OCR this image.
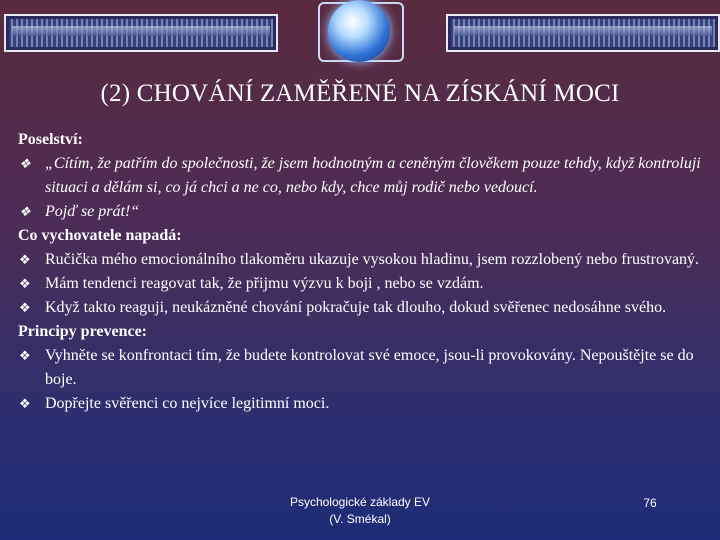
(2) CHOVÁNÍ ZAMĚŘENÉ NA ZÍSKÁNÍ MOCI
Poselství:
❖ „Cítím, že patřím do společnosti, že jsem hodnotným a ceněným člověkem pouze tehdy, když kontroluji situaci a dělám si, co já chci a ne co, nebo kdy, chce můj rodič nebo vedoucí.
❖ Pojď se prát!“
Co vychovatele napadá:
❖ Ručička mého emocionálního tlakoměru ukazuje vysokou hladinu, jsem rozzlobený nebo frustrovaný.
❖ Mám tendenci reagovat tak, že přijmu výzvu k boji , nebo se vzdám.
❖ Když takto reaguji, neukázněné chování pokračuje tak dlouho, dokud svěřenec nedosáhne svého.
Principy prevence:
❖ Vyhněte se konfrontaci tím, že budete kontrolovat své emoce, jsou-li provokovány. Nepouštějte se do boje.
❖ Dopřejte svěřenci co nejvíce legitimní moci.
Psychologické základy EV
(V. Smékal)
76
